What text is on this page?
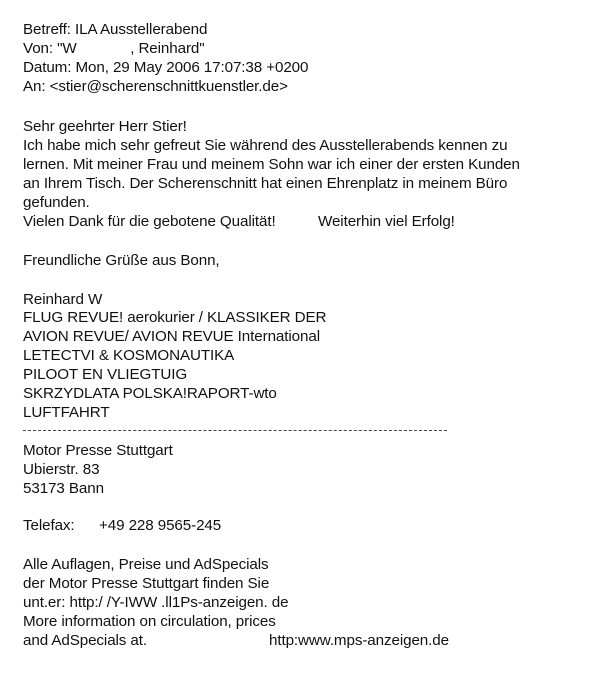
Betreff: ILA Ausstellerabend
Von: "W             , Reinhard"
Datum: Mon, 29 May 2006 17:07:38 +0200
An: <stier@scherenschnittkuenstler.de>
Sehr geehrter Herr Stier!
Ich habe mich sehr gefreut Sie während des Ausstellerabends kennen zu
lernen. Mit meiner Frau und meinem Sohn war ich einer der ersten Kunden
an Ihrem Tisch. Der Scherenschnitt hat einen Ehrenplatz in meinem Büro
gefunden.
Vielen Dank für die gebotene Qualität!	Weiterhin viel Erfolg!
Freundliche Grüße aus Bonn,
Reinhard W
FLUG REVUE! aerokurier / KLASSIKER DER
AVION REVUE/ AVION REVUE International
LETECTVI & KOSMONAUTIKA
PILOOT EN VLIEGTUIG
SKRZYDLATA POLSKA!RAPORT-wto
LUFTFAHRT
Motor Presse Stuttgart
Ubierstr. 83
53173 Bann
Telefax: +49 228 9565-245
Alle Auflagen, Preise und AdSpecials
der Motor Presse Stuttgart finden Sie
unt.er: http:/ /Y-IWW .ll1Ps-anzeigen. de
More information on circulation, prices
and AdSpecials at.	http:www.mps-anzeigen.de
